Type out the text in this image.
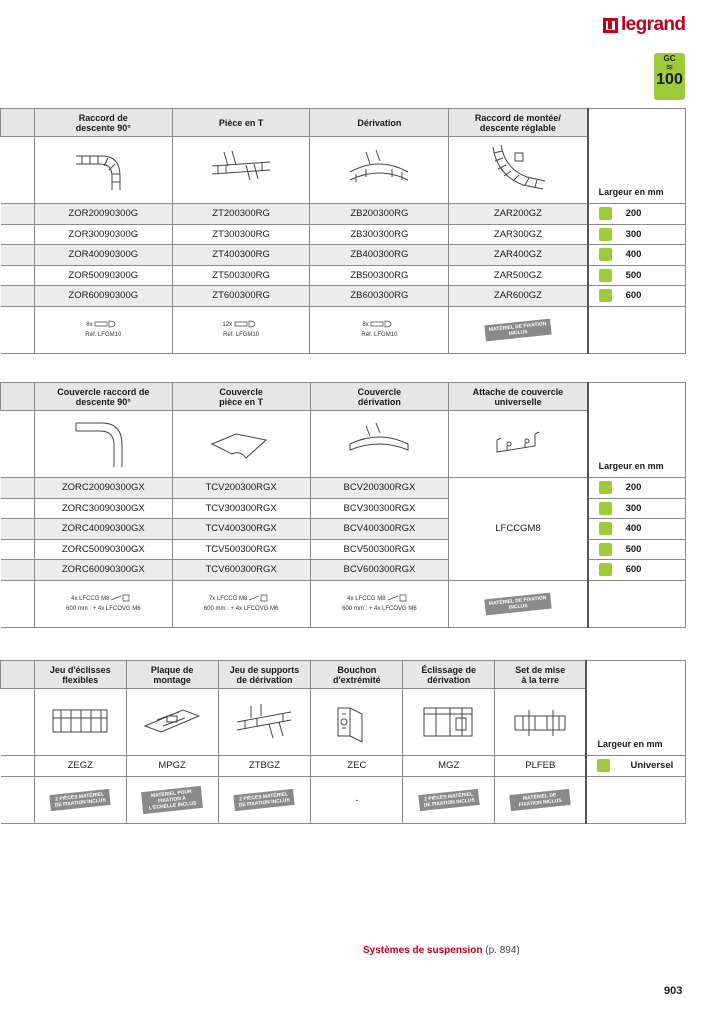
legrand
GC
≋
100
	Raccord de
descente 90°	Pièce en T	Dérivation	Raccord de montée/
descente réglable	Largeur en mm

	ZOR20090300G	ZT200300RG	ZB200300RG	ZAR200GZ	200

	ZOR30090300G	ZT300300RG	ZB300300RG	ZAR300GZ	300

	ZOR40090300G	ZT400300RG	ZB400300RG	ZAR400GZ	400

	ZOR50090300G	ZT500300RG	ZB500300RG	ZAR500GZ	500

	ZOR60090300G	ZT600300RG	ZB600300RG	ZAR600GZ	600

	8x
Réf. LFGM10	12x
Réf. LFGM10	8x
Réf. LFGM10	MATÉRIEL DE FIXATION INCLUS	
	Couvercle raccord de
descente 90°	Couvercle
pièce en T	Couvercle
dérivation	Attache de couvercle
universelle	Largeur en mm

	ZORC20090300GX	TCV200300RGX	BCV200300RGX	LFCCGM8	200

	ZORC30090300GX	TCV300300RGX	BCV300300RGX		300

	ZORC40090300GX	TCV400300RGX	BCV400300RGX		400

	ZORC50090300GX	TCV500300RGX	BCV500300RGX		500

	ZORC60090300GX	TCV600300RGX	BCV600300RGX		600

	4x LFCCG M8
600 mm : + 4x LFCOVG M6	7x LFCCG M8
600 mm : + 4x LFCOVG M6	4x LFCCG M8
600 mm : + 4x LFCOVG M6	MATÉRIEL DE FIXATION INCLUS	
	Jeu d'éclisses
flexibles	Plaque de
montage	Jeu de supports
de dérivation	Bouchon
d'extrémité	Éclissage de
dérivation	Set de mise
à la terre	Largeur en mm

	ZEGZ	MPGZ	ZTBGZ	ZEC	MGZ	PLFEB	Universel

	2 PIÈCES MATÉRIEL DE FIXATION INCLUS	MATÉRIEL POUR FIXATION À L'ÉCHELLE INCLUS	2 PIÈCES MATÉRIEL DE FIXATION INCLUS	-	2 PIÈCES MATÉRIEL DE FIXATION INCLUS	MATÉRIEL DE FIXATION INCLUS	
Systèmes de suspension (p. 894)
903
